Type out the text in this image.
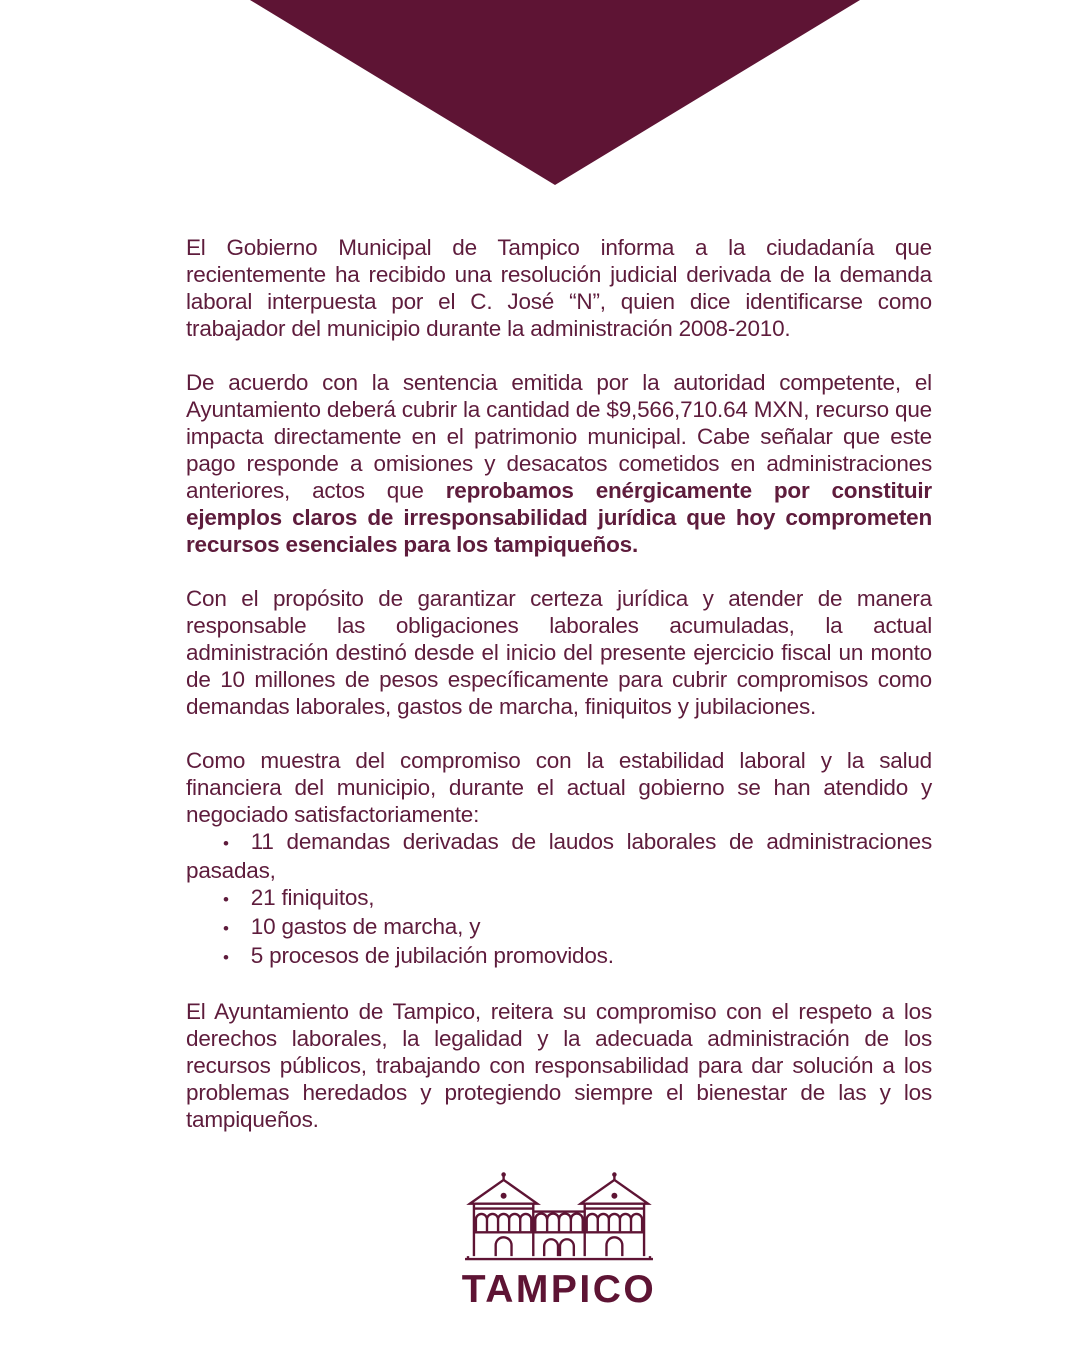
El Gobierno Municipal de Tampico informa a la ciudadanía que recientemente ha recibido una resolución judicial derivada de la demanda laboral interpuesta por el C. José “N”, quien dice identificarse como trabajador del municipio durante la administración 2008-2010.

De acuerdo con la sentencia emitida por la autoridad competente, el Ayuntamiento deberá cubrir la cantidad de $9,566,710.64 MXN, recurso que impacta directamente en el patrimonio municipal. Cabe señalar que este pago responde a omisiones y desacatos cometidos en administraciones anteriores, actos que reprobamos enérgicamente por constituir ejemplos claros de irresponsabilidad jurídica que hoy comprometen recursos esenciales para los tampiqueños.

Con el propósito de garantizar certeza jurídica y atender de manera responsable las obligaciones laborales acumuladas, la actual administración destinó desde el inicio del presente ejercicio fiscal un monto de 10 millones de pesos específicamente para cubrir compromisos como demandas laborales, gastos de marcha, finiquitos y jubilaciones.

Como muestra del compromiso con la estabilidad laboral y la salud financiera del municipio, durante el actual gobierno se han atendido y negociado satisfactoriamente:

• 11 demandas derivadas de laudos laborales de administraciones pasadas,

• 21 finiquitos,

• 10 gastos de marcha, y

• 5 procesos de jubilación promovidos.

El Ayuntamiento de Tampico, reitera su compromiso con el respeto a los derechos laborales, la legalidad y la adecuada administración de los recursos públicos, trabajando con responsabilidad para dar solución a los problemas heredados y protegiendo siempre el bienestar de las y los tampiqueños.

TAMPICO
